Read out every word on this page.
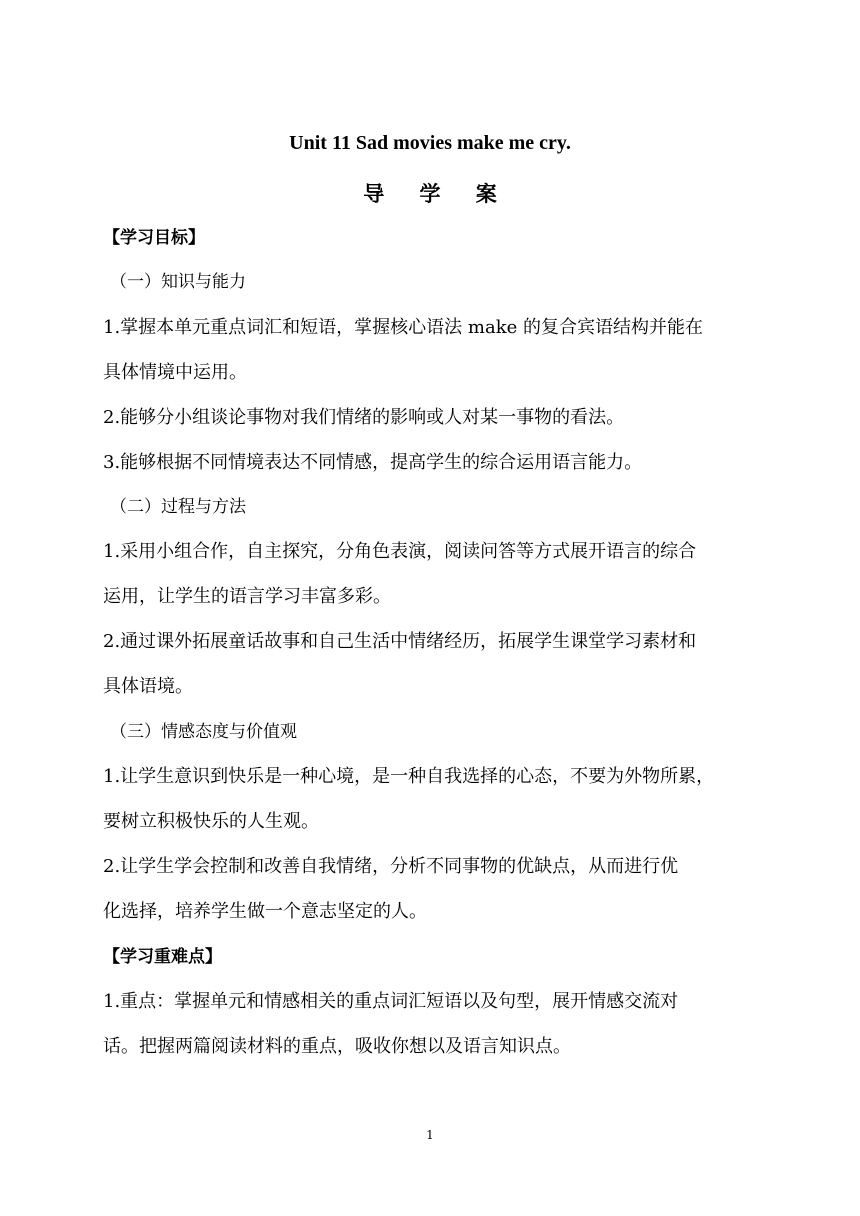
Unit 11 Sad movies make me cry.
导 学 案
【学习目标】
（一）知识与能力
1.掌握本单元重点词汇和短语，掌握核心语法 make 的复合宾语结构并能在
具体情境中运用。
2.能够分小组谈论事物对我们情绪的影响或人对某一事物的看法。
3.能够根据不同情境表达不同情感，提高学生的综合运用语言能力。
（二）过程与方法
1.采用小组合作，自主探究，分角色表演，阅读问答等方式展开语言的综合
运用，让学生的语言学习丰富多彩。
2.通过课外拓展童话故事和自己生活中情绪经历，拓展学生课堂学习素材和
具体语境。
（三）情感态度与价值观
1.让学生意识到快乐是一种心境，是一种自我选择的心态，不要为外物所累，
要树立积极快乐的人生观。
2.让学生学会控制和改善自我情绪，分析不同事物的优缺点，从而进行优
化选择，培养学生做一个意志坚定的人。
【学习重难点】
1.重点：掌握单元和情感相关的重点词汇短语以及句型，展开情感交流对
话。把握两篇阅读材料的重点，吸收你想以及语言知识点。
1
